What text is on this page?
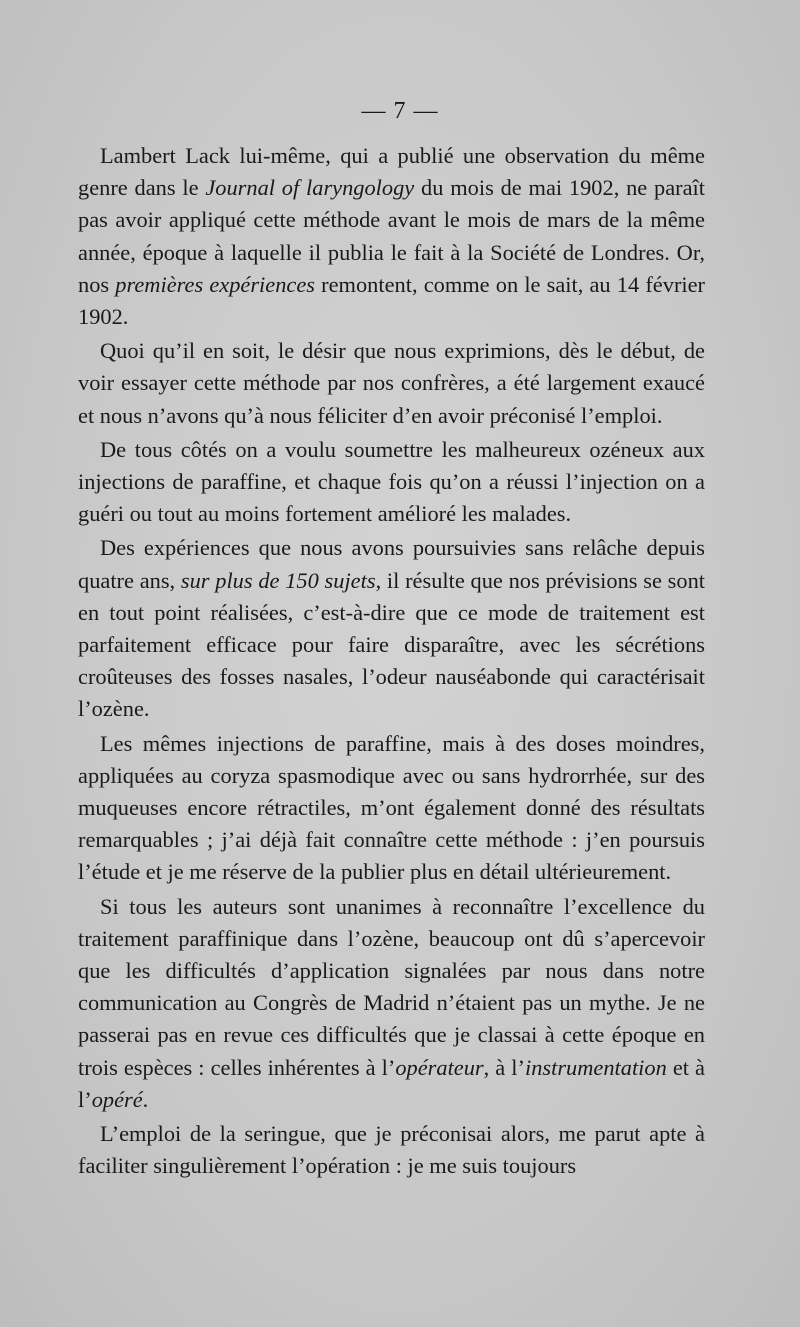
— 7 —

Lambert Lack lui-même, qui a publié une observation du même genre dans le Journal of laryngology du mois de mai 1902, ne paraît pas avoir appliqué cette méthode avant le mois de mars de la même année, époque à laquelle il publia le fait à la Société de Londres. Or, nos premières expériences remontent, comme on le sait, au 14 février 1902.

Quoi qu’il en soit, le désir que nous exprimions, dès le début, de voir essayer cette méthode par nos confrères, a été largement exaucé et nous n’avons qu’à nous féliciter d’en avoir préconisé l’emploi.

De tous côtés on a voulu soumettre les malheureux ozéneux aux injections de paraffine, et chaque fois qu’on a réussi l’injection on a guéri ou tout au moins fortement amélioré les malades.

Des expériences que nous avons poursuivies sans relâche depuis quatre ans, sur plus de 150 sujets, il résulte que nos prévisions se sont en tout point réalisées, c’est-à-dire que ce mode de traitement est parfaitement efficace pour faire disparaître, avec les sécrétions croûteuses des fosses nasales, l’odeur nauséabonde qui caractérisait l’ozène.

Les mêmes injections de paraffine, mais à des doses moindres, appliquées au coryza spasmodique avec ou sans hydrorrhée, sur des muqueuses encore rétractiles, m’ont également donné des résultats remarquables ; j’ai déjà fait connaître cette méthode : j’en poursuis l’étude et je me réserve de la publier plus en détail ultérieurement.

Si tous les auteurs sont unanimes à reconnaître l’excellence du traitement paraffinique dans l’ozène, beaucoup ont dû s’apercevoir que les difficultés d’application signalées par nous dans notre communication au Congrès de Madrid n’étaient pas un mythe. Je ne passerai pas en revue ces difficultés que je classai à cette époque en trois espèces : celles inhérentes à l’opérateur, à l’instrumentation et à l’opéré.

L’emploi de la seringue, que je préconisai alors, me parut apte à faciliter singulièrement l’opération : je me suis toujours
